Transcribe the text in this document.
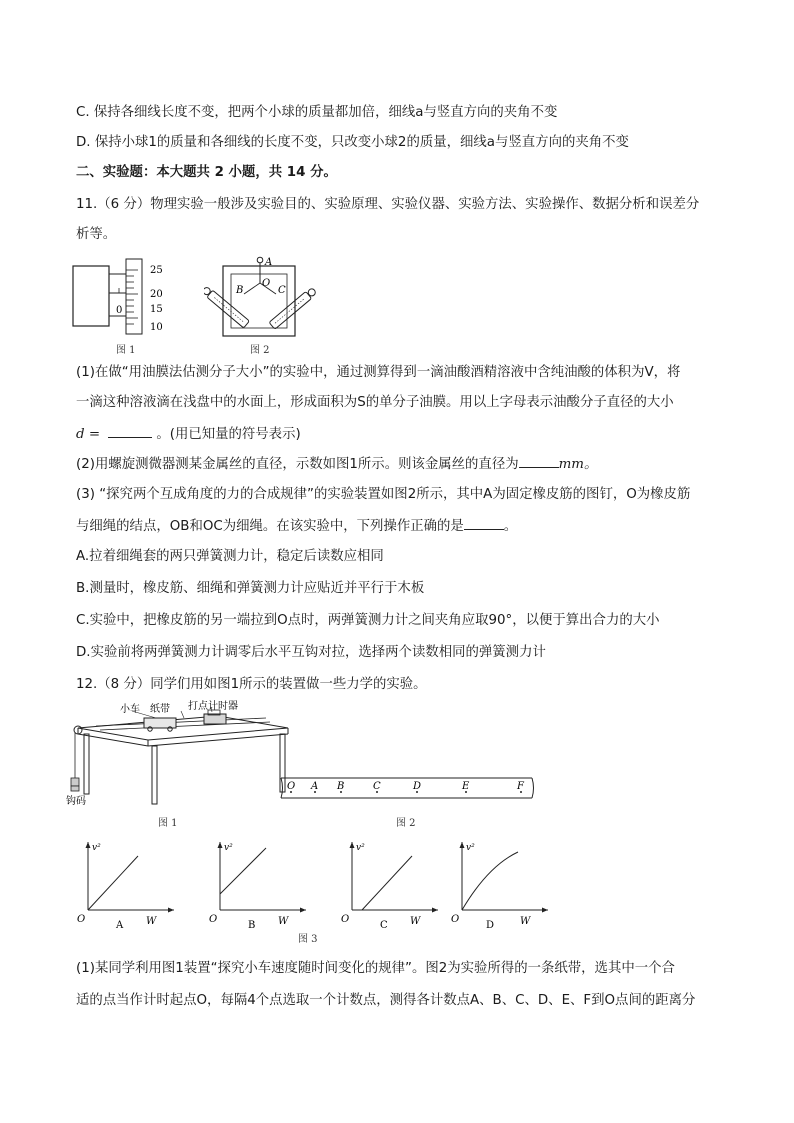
C. 保持各细线长度不变，把两个小球的质量都加倍，细线a与竖直方向的夹角不变
D. 保持小球1的质量和各细线的长度不变，只改变小球2的质量，细线a与竖直方向的夹角不变
二、实验题：本大题共 2 小题，共 14 分。
11.（6 分）物理实验一般涉及实验目的、实验原理、实验仪器、实验方法、实验操作、数据分析和误差分
析等。
25
20
15
10
0
图 1
A
O
B	C
图 2
(1)在做“用油膜法估测分子大小”的实验中，通过测算得到一滴油酸酒精溶液中含纯油酸的体积为V，将
一滴这种溶液滴在浅盘中的水面上，形成面积为S的单分子油膜。用以上字母表示油酸分子直径的大小
d =	。(用已知量的符号表示)
(2)用螺旋测微器测某金属丝的直径，示数如图1所示。则该金属丝的直径为	mm。
(3) “探究两个互成角度的力的合成规律”的实验装置如图2所示，其中A为固定橡皮筋的图钉，O为橡皮筋
与细绳的结点，OB和OC为细绳。在该实验中，下列操作正确的是	。
A.拉着细绳套的两只弹簧测力计，稳定后读数应相同
B.测量时，橡皮筋、细绳和弹簧测力计应贴近并平行于木板
C.实验中，把橡皮筋的另一端拉到O点时，两弹簧测力计之间夹角应取90°，以便于算出合力的大小
D.实验前将两弹簧测力计调零后水平互钩对拉，选择两个读数相同的弹簧测力计
12.（8 分）同学们用如图1所示的装置做一些力学的实验。
小车 纸带 打点计时器
钩码
图 1
O A B	C	D	E	F
图 2
v²
W
O
A
v²
W
O
B
v²
W
O
C
v²
W
O
D
图 3
(1)某同学利用图1装置“探究小车速度随时间变化的规律”。图2为实验所得的一条纸带，选其中一个合
适的点当作计时起点O，每隔4个点选取一个计数点，测得各计数点A、B、C、D、E、F到O点间的距离分
